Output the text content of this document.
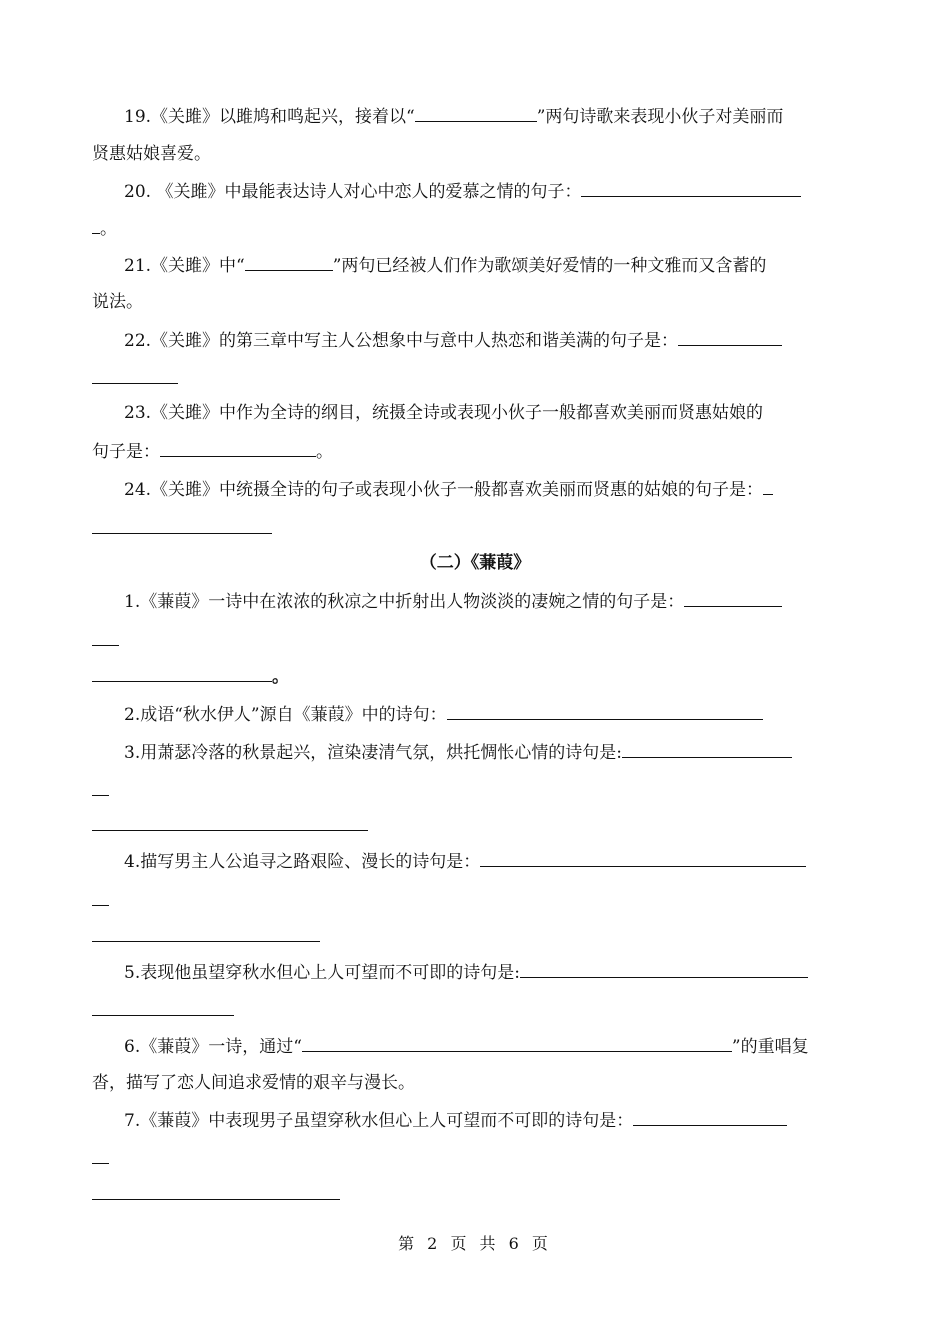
19.《关雎》以雎鸠和鸣起兴，接着以“	”两句诗歌来表现小伙子对美丽而
贤惠姑娘喜爱。
20. 《关雎》中最能表达诗人对心中恋人的爱慕之情的句子：
。
21.《关雎》中“	”两句已经被人们作为歌颂美好爱情的一种文雅而又含蓄的
说法。
22.《关雎》的第三章中写主人公想象中与意中人热恋和谐美满的句子是：
23.《关雎》中作为全诗的纲目，统摄全诗或表现小伙子一般都喜欢美丽而贤惠姑娘的
句子是：	。
24.《关雎》中统摄全诗的句子或表现小伙子一般都喜欢美丽而贤惠的姑娘的句子是：
（二）《蒹葭》
1.《蒹葭》一诗中在浓浓的秋凉之中折射出人物淡淡的凄婉之情的句子是：
。
2.成语“秋水伊人”源自《蒹葭》中的诗句：
3.用萧瑟冷落的秋景起兴，渲染凄清气氛，烘托惆怅心情的诗句是:
4.描写男主人公追寻之路艰险、漫长的诗句是：
5.表现他虽望穿秋水但心上人可望而不可即的诗句是:
6.《蒹葭》一诗，通过“	”的重唱复
沓，描写了恋人间追求爱情的艰辛与漫长。
7.《蒹葭》中表现男子虽望穿秋水但心上人可望而不可即的诗句是：
第 2 页 共 6 页
